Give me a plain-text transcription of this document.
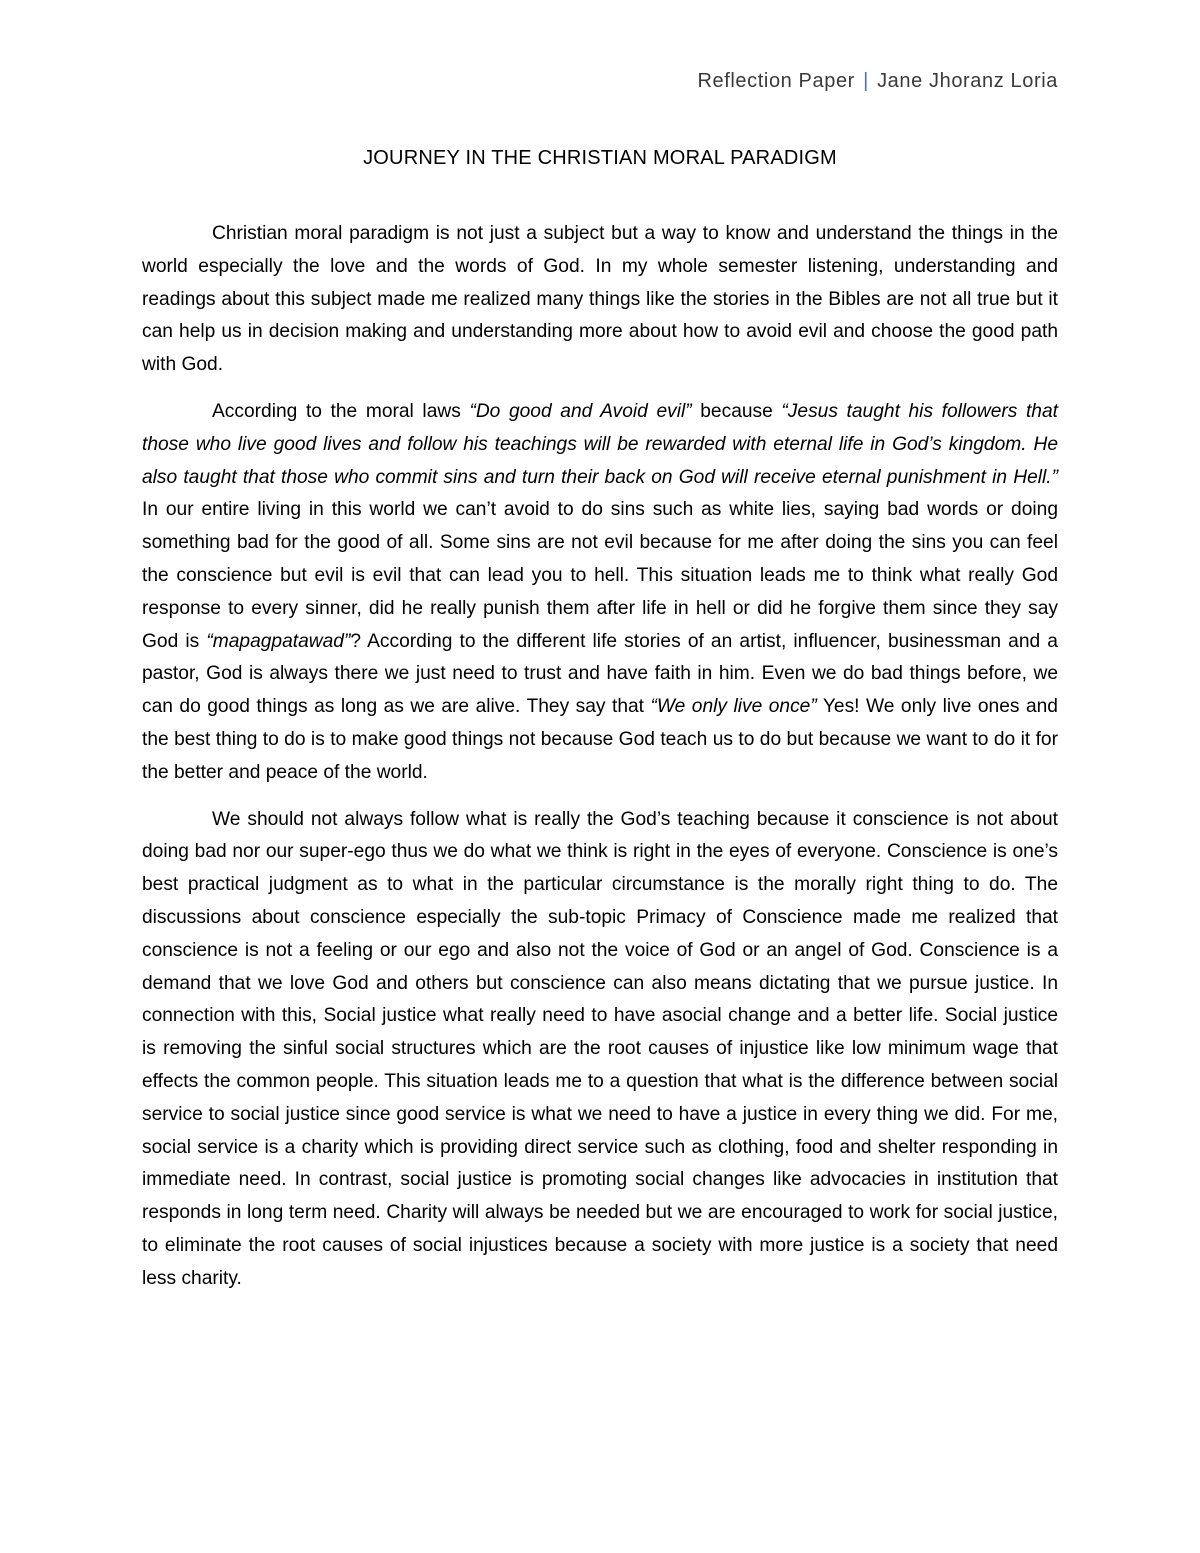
Reflection Paper | Jane Jhoranz Loria
JOURNEY IN THE CHRISTIAN MORAL PARADIGM

Christian moral paradigm is not just a subject but a way to know and understand the things in the world especially the love and the words of God. In my whole semester listening, understanding and readings about this subject made me realized many things like the stories in the Bibles are not all true but it can help us in decision making and understanding more about how to avoid evil and choose the good path with God.

According to the moral laws “Do good and Avoid evil” because “Jesus taught his followers that those who live good lives and follow his teachings will be rewarded with eternal life in God’s kingdom. He also taught that those who commit sins and turn their back on God will receive eternal punishment in Hell.” In our entire living in this world we can’t avoid to do sins such as white lies, saying bad words or doing something bad for the good of all. Some sins are not evil because for me after doing the sins you can feel the conscience but evil is evil that can lead you to hell. This situation leads me to think what really God response to every sinner, did he really punish them after life in hell or did he forgive them since they say God is “mapagpatawad”? According to the different life stories of an artist, influencer, businessman and a pastor, God is always there we just need to trust and have faith in him. Even we do bad things before, we can do good things as long as we are alive. They say that “We only live once” Yes! We only live ones and the best thing to do is to make good things not because God teach us to do but because we want to do it for the better and peace of the world.

We should not always follow what is really the God’s teaching because it conscience is not about doing bad nor our super-ego thus we do what we think is right in the eyes of everyone. Conscience is one’s best practical judgment as to what in the particular circumstance is the morally right thing to do. The discussions about conscience especially the sub-topic Primacy of Conscience made me realized that conscience is not a feeling or our ego and also not the voice of God or an angel of God. Conscience is a demand that we love God and others but conscience can also means dictating that we pursue justice. In connection with this, Social justice what really need to have asocial change and a better life. Social justice is removing the sinful social structures which are the root causes of injustice like low minimum wage that effects the common people. This situation leads me to a question that what is the difference between social service to social justice since good service is what we need to have a justice in every thing we did. For me, social service is a charity which is providing direct service such as clothing, food and shelter responding in immediate need. In contrast, social justice is promoting social changes like advocacies in institution that responds in long term need. Charity will always be needed but we are encouraged to work for social justice, to eliminate the root causes of social injustices because a society with more justice is a society that need less charity.
